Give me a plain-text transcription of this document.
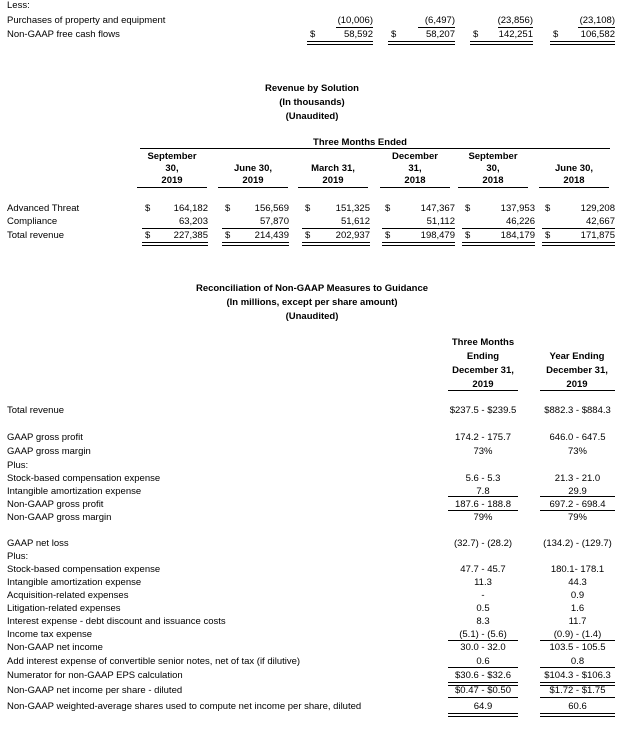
Less:
Purchases of property and equipment	(10,006)	(6,497)	(23,856)	(23,108)
Non-GAAP free cash flows	$	58,592 $	58,207 $	142,251 $	106,582
Revenue by Solution
(In thousands)
(Unaudited)
Three Months Ended
September
30,
2019
June 30,
2019
March 31,
2019
December
31,
2018
September
30,
2018
June 30,
2018
Advanced Threat	$	164,182 $	156,569 $	151,325 $	147,367 $	137,953 $	129,208
Compliance	63,203	57,870	51,612	51,112	46,226	42,667
Total revenue	$	227,385 $	214,439 $	202,937 $	198,479 $	184,179 $	171,875
Reconciliation of Non-GAAP Measures to Guidance
(In millions, except per share amount)
(Unaudited)
Three Months
Ending
December 31,
2019
Year Ending
December 31,
2019
Total revenue	$237.5 - $239.5	$882.3 - $884.3
GAAP gross profit	174.2 - 175.7	646.0 - 647.5
GAAP gross margin	73%	73%
Plus:
Stock-based compensation expense	5.6 - 5.3	21.3 - 21.0
Intangible amortization expense	7.8	29.9
Non-GAAP gross profit	187.6 - 188.8	697.2 - 698.4
Non-GAAP gross margin	79%	79%
GAAP net loss	(32.7) - (28.2)	(134.2) - (129.7)
Plus:
Stock-based compensation expense	47.7 - 45.7	180.1- 178.1
Intangible amortization expense	11.3	44.3
Acquisition-related expenses	-	0.9
Litigation-related expenses	0.5	1.6
Interest expense - debt discount and issuance costs	8.3	11.7
Income tax expense	(5.1) - (5.6)	(0.9) - (1.4)
Non-GAAP net income	30.0 - 32.0	103.5 - 105.5
Add interest expense of convertible senior notes, net of tax (if dilutive)	0.6	0.8
Numerator for non-GAAP EPS calculation	$30.6 - $32.6	$104.3 - $106.3
Non-GAAP net income per share - diluted	$0.47 - $0.50	$1.72 - $1.75
Non-GAAP weighted-average shares used to compute net income per share, diluted	64.9	60.6
